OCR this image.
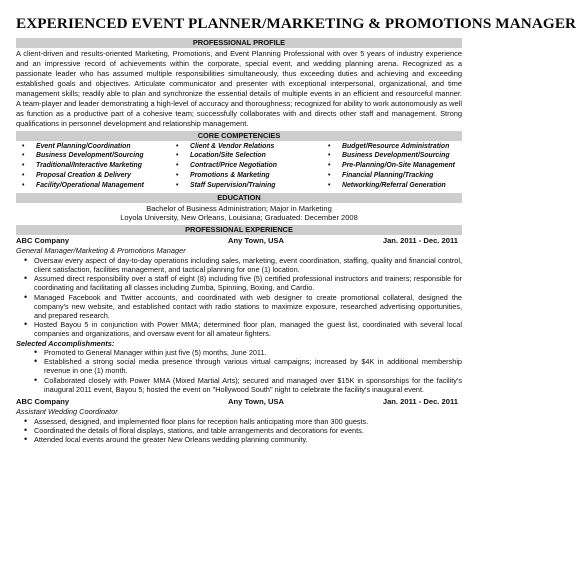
EXPERIENCED EVENT PLANNER/MARKETING & PROMOTIONS MANAGER
PROFESSIONAL PROFILE

A client-driven and results-oriented Marketing, Promotions, and Event Planning Professional with over 5 years of industry experience and an impressive record of achievements within the corporate, special event, and wedding planning arena. Recognized as a passionate leader who has assumed multiple responsibilities simultaneously, thus exceeding duties and achieving and exceeding established goals and objectives. Articulate communicator and presenter with exceptional interpersonal, organizational, and time management skills; readily able to plan and synchronize the essential details of multiple events in an efficient and resourceful manner. A team-player and leader demonstrating a high-level of accuracy and thoroughness; recognized for ability to work autonomously as well as function as a productive part of a cohesive team; successfully collaborates with and directs other staff and management. Strong qualifications in personnel development and relationship management.

CORE COMPETENCIES
• Event Planning/Coordination	• Client & Vendor Relations	• Budget/Resource Administration
• Business Development/Sourcing	• Location/Site Selection	• Business Development/Sourcing
• Traditional/Interactive Marketing	• Contract/Price Negotiation	• Pre-Planning/On-Site Management
• Proposal Creation & Delivery	• Promotions & Marketing	• Financial Planning/Tracking
• Facility/Operational Management	• Staff Supervision/Training	• Networking/Referral Generation
EDUCATION
Bachelor of Business Administration; Major in Marketing
Loyola University, New Orleans, Louisiana; Graduated: December 2008
PROFESSIONAL EXPERIENCE
ABC Company	Any Town, USA	Jan. 2011 - Dec. 2011
General Manager/Marketing & Promotions Manager
• Oversaw every aspect of day-to-day operations including sales, marketing, event coordination, staffing, quality and financial control, client satisfaction, facilities management, and tactical planning for one (1) location.
• Assumed direct responsibility over a staff of eight (8) including five (5) certified professional instructors and trainers; responsible for coordinating and facilitating all classes including Zumba, Spinning, Boxing, and Cardio.
• Managed Facebook and Twitter accounts, and coordinated with web designer to create promotional collateral, designed the company's new website, and established contact with radio stations to maximize exposure, researched advertising opportunities, and prepared research.
• Hosted Bayou 5 in conjunction with Power MMA; determined floor plan, managed the guest list, coordinated with several local companies and organizations, and oversaw event for all amateur fighters.
Selected Accomplishments:
• Promoted to General Manager within just five (5) months, June 2011.
• Established a strong social media presence through various virtual campaigns; increased by $4K in additional membership revenue in one (1) month.
• Collaborated closely with Power MMA (Mixed Martial Arts); secured and managed over $15K in sponsorships for the facility's inaugural 2011 event, Bayou 5; hosted the event on "Hollywood South" night to celebrate the facility's inaugural event.
ABC Company	Any Town, USA	Jan. 2011 - Dec. 2011
Assistant Wedding Coordinator
• Assessed, designed, and implemented floor plans for reception halls anticipating more than 300 guests.
• Coordinated the details of floral displays, stations, and table arrangements and decorations for events.
• Attended local events around the greater New Orleans wedding planning community.
